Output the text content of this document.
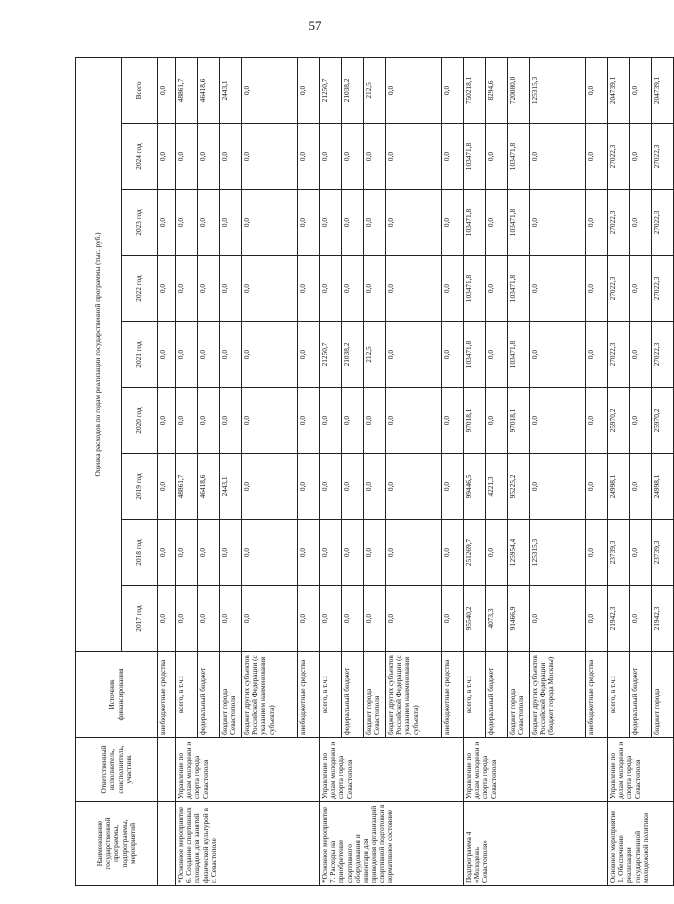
57
Наименование государственной программы, подпрограммы, мероприятий	Ответственный исполнитель, соисполнитель, участник	Источник финансирования	Оценка расходов по годам реализации государственной программы (тыс. руб.)								
			2017 год	2018 год	2019 год	2020 год	2021 год	2022 год	2023 год	2024 год	Всего
		внебюджетные средства	0,0	0,0	0,0	0,0	0,0	0,0	0,0	0,0	0,0
*Основное мероприятие 6. Создание спортивных площадок для занятий физической культурой в г. Севастополе	Управление по делам молодежи и спорта города Севастополя	всего, в т.ч.:	0,0	0,0	48861,7	0,0	0,0	0,0	0,0	0,0	48861,7
		федеральный бюджет	0,0	0,0	46418,6	0,0	0,0	0,0	0,0	0,0	46418,6
		бюджет города Севастополя	0,0	0,0	2443,1	0,0	0,0	0,0	0,0	0,0	2443,1
		бюджет других субъектов Российской Федерации (с указанием наименования субъекта)	0,0	0,0	0,0	0,0	0,0	0,0	0,0	0,0	0,0
		внебюджетные средства	0,0	0,0	0,0	0,0	0,0	0,0	0,0	0,0	0,0
*Основное мероприятие 7. Расходы на приобретение спортивного оборудования и инвентаря для приведения организаций спортивной подготовки в нормативное состояние	Управление по делам молодежи и спорта города Севастополя	всего, в т.ч.:	0,0	0,0	0,0	0,0	21250,7	0,0	0,0	0,0	21250,7
		федеральный бюджет	0,0	0,0	0,0	0,0	21038,2	0,0	0,0	0,0	21038,2
		бюджет города Севастополя	0,0	0,0	0,0	0,0	212,5	0,0	0,0	0,0	212,5
		бюджет других субъектов Российской Федерации (с указанием наименования субъекта)	0,0	0,0	0,0	0,0	0,0	0,0	0,0	0,0	0,0
		внебюджетные средства	0,0	0,0	0,0	0,0	0,0	0,0	0,0	0,0	0,0
Подпрограмма 4 «Молодежь Севастополя»	Управление по делам молодежи и спорта города Севастополя	всего, в т.ч.:	95540,2	251269,7	99446,5	97018,1	103471,8	103471,8	103471,8	103471,8	750218,1
		федеральный бюджет	4073,3	0,0	4221,3	0,0	0,0	0,0	0,0	0,0	8294,6
		бюджет города Севастополя	91466,9	125954,4	95225,2	97018,1	103471,8	103471,8	103471,8	103471,8	720080,0
		бюджет других субъектов Российской Федерации (бюджет города Москвы)	0,0	125315,3	0,0	0,0	0,0	0,0	0,0	0,0	125315,3
		внебюджетные средства	0,0	0,0	0,0	0,0	0,0	0,0	0,0	0,0	0,0
Основное мероприятие 1. Обеспечение реализации государственной молодежной политики	Управление по делам молодежи и спорта города Севастополя	всего, в т.ч.:	21942,3	23739,3	24998,1	25970,2	27022,3	27022,3	27022,3	27022,3	204739,1
		федеральный бюджет	0,0	0,0	0,0	0,0	0,0	0,0	0,0	0,0	0,0
		бюджет города	21942,3	23739,3	24998,1	25970,2	27022,3	27022,3	27022,3	27022,3	204739,1
